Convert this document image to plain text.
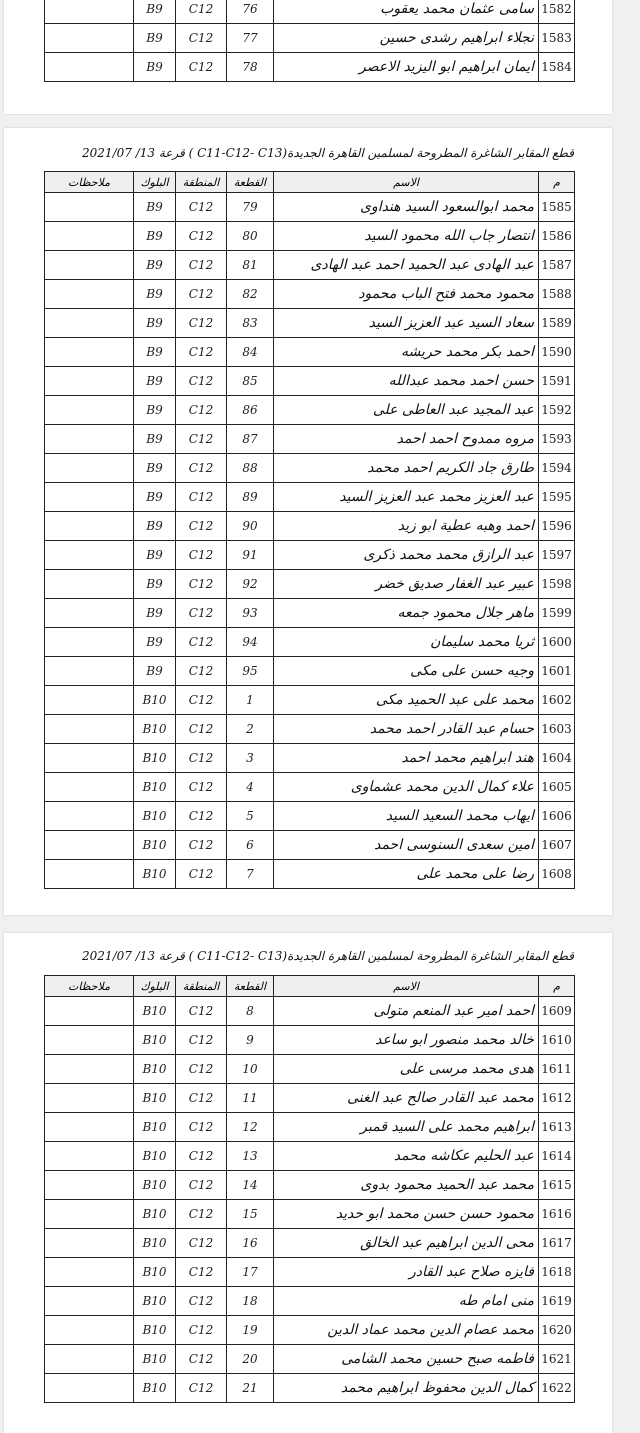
1582	سامى عثمان محمد يعقوب	76	C12	B9	
1583	نجلاء ابراهيم رشدى حسين	77	C12	B9	
1584	ايمان ابراهيم ابو اليزيد الاعصر	78	C12	B9	
قطع المقابر الشاغرة المطروحة لمسلمين القاهرة الجديدة(C11-C12- C13 ) قرعة 13/ 2021/07
م	الاسم	القطعة	المنطقة	البلوك	ملاحظات
1585	محمد ابوالسعود السيد هنداوى	79	C12	B9	
1586	انتصار جاب الله محمود السيد	80	C12	B9	
1587	عبد الهادى عبد الحميد احمد عبد الهادى	81	C12	B9	
1588	محمود محمد فتح الباب محمود	82	C12	B9	
1589	سعاد السيد عبد العزيز السيد	83	C12	B9	
1590	احمد بكر محمد حريشه	84	C12	B9	
1591	حسن احمد محمد عبدالله	85	C12	B9	
1592	عبد المجيد عبد العاطى على	86	C12	B9	
1593	مروه ممدوح احمد احمد	87	C12	B9	
1594	طارق جاد الكريم احمد محمد	88	C12	B9	
1595	عبد العزيز محمد عبد العزيز السيد	89	C12	B9	
1596	احمد وهبه عطية ابو زيد	90	C12	B9	
1597	عبد الرازق محمد محمد ذكرى	91	C12	B9	
1598	عبير عبد الغفار صديق خضر	92	C12	B9	
1599	ماهر جلال محمود جمعه	93	C12	B9	
1600	ثريا محمد سليمان	94	C12	B9	
1601	وجيه حسن على مكى	95	C12	B9	
1602	محمد على عبد الحميد مكى	1	C12	B10	
1603	حسام عبد القادر احمد محمد	2	C12	B10	
1604	هند ابراهيم محمد احمد	3	C12	B10	
1605	علاء كمال الدين محمد عشماوى	4	C12	B10	
1606	ايهاب محمد السعيد السيد	5	C12	B10	
1607	امين سعدى السنوسى احمد	6	C12	B10	
1608	رضا على محمد على	7	C12	B10	
قطع المقابر الشاغرة المطروحة لمسلمين القاهرة الجديدة(C11-C12- C13 ) قرعة 13/ 2021/07
م	الاسم	القطعة	المنطقة	البلوك	ملاحظات
1609	احمد امير عبد المنعم متولى	8	C12	B10	
1610	خالد محمد منصور ابو ساعد	9	C12	B10	
1611	هدى محمد مرسى على	10	C12	B10	
1612	محمد عبد القادر صالح عبد الغنى	11	C12	B10	
1613	ابراهيم محمد على السيد قمبر	12	C12	B10	
1614	عبد الحليم عكاشه محمد	13	C12	B10	
1615	محمد عبد الحميد محمود بدوى	14	C12	B10	
1616	محمود حسن حسن محمد ابو حديد	15	C12	B10	
1617	محى الدين ابراهيم عبد الخالق	16	C12	B10	
1618	فايزه صلاح عبد القادر	17	C12	B10	
1619	منى امام طه	18	C12	B10	
1620	محمد عصام الدين محمد عماد الدين	19	C12	B10	
1621	فاطمه صبح حسين محمد الشامى	20	C12	B10	
1622	كمال الدين محفوظ ابراهيم محمد	21	C12	B10	
